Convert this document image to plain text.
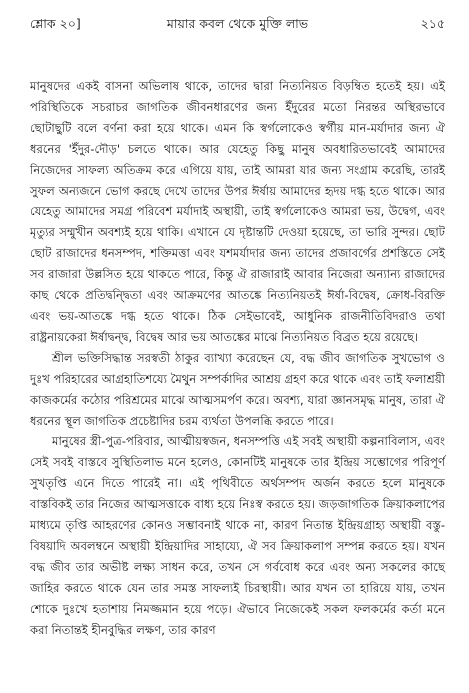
শ্লোক ২০]	মায়ার কবল থেকে মুক্তি লাভ	২১৫

মানুষদের একই বাসনা অভিলাষ থাকে, তাদের দ্বারা নিত্যনিয়ত বিড়ম্বিত হতেই হয়। এই পরিস্থিতিকে সচরাচর জাগতিক জীবনধারণের জন্য ইঁদুরের মতো নিরন্তর অস্থিরভাবে ছোটাছুটি বলে বর্ণনা করা হয়ে থাকে। এমন কি স্বর্গলোকেও স্বর্গীয় মান-মর্যাদার জন্য ঐ ধরনের 'ইঁদুর-দৌড়' চলতে থাকে। আর যেহেতু কিছু মানুষ অবধারিতভাবেই আমাদের নিজেদের সাফল্য অতিক্রম করে এগিয়ে যায়, তাই আমরা যার জন্য সংগ্রাম করেছি, তারই সুফল অন্যজনে ভোগ করছে দেখে তাদের উপর ঈর্ষায় আমাদের হৃদয় দগ্ধ হতে থাকে। আর যেহেতু আমাদের সমগ্র পরিবেশ মর্যাদাই অস্থায়ী, তাই স্বর্গলোকেও আমরা ভয়, উদ্বেগ, এবং মৃত্যুর সম্মুখীন অবশ্যই হয়ে থাকি। এখানে যে দৃষ্টান্তটি দেওয়া হয়েছে, তা ভারি সুন্দর। ছোট ছোট রাজাদের ধনসম্পদ, শক্তিমত্তা এবং যশমর্যাদার জন্য তাদের প্রজাবর্গের প্রশস্তিতে সেই সব রাজারা উল্লসিত হয়ে থাকতে পারে, কিন্তু ঐ রাজারাই আবার নিজেরা অন্যান্য রাজাদের কাছ থেকে প্রতিদ্বন্দ্বিতা এবং আক্রমণের আতঙ্কে নিত্যনিয়তই ঈর্ষা-বিদ্বেষ, ক্রোধ-বিরক্তি এবং ভয়-আতঙ্কে দগ্ধ হতে থাকে। ঠিক সেইভাবেই, আধুনিক রাজনীতিবিদরাও তথা রাষ্ট্রনায়কেরা ঈর্ষাদ্বন্দ্ব, বিদ্বেষ আর ভয় আতঙ্কের মাঝে নিত্যনিয়ত বিব্রত হয়ে রয়েছে।

শ্রীল ভক্তিসিদ্ধান্ত সরস্বতী ঠাকুর ব্যাখ্যা করেছেন যে, বদ্ধ জীব জাগতিক সুখভোগ ও দুঃখ পরিহারের আগ্রহাতিশয্যে মৈথুন সম্পর্কাদির আশ্রয় গ্রহণ করে থাকে এবং তাই ফলাশ্রয়ী কাজকর্মের কঠোর পরিশ্রমের মাঝে আত্মসমর্পণ করে। অবশ্য, যারা জ্ঞানসমৃদ্ধ মানুষ, তারা ঐ ধরনের স্থূল জাগতিক প্রচেষ্টাদির চরম ব্যর্থতা উপলব্ধি করতে পারে।

মানুষের স্ত্রী-পুত্র-পরিবার, আত্মীয়স্বজন, ধনসম্পত্তি এই সবই অস্থায়ী কল্পনাবিলাস, এবং সেই সবই বাস্তবে সুস্থিতিলাভ মনে হলেও, কোনটিই মানুষকে তার ইন্দ্রিয় সম্ভোগের পরিপূর্ণ সুখতৃপ্তি এনে দিতে পারেই না। এই পৃথিবীতে অর্থসম্পদ অর্জন করতে হলে মানুষকে বাস্তবিকই তার নিজের আত্মসত্তাকে বাধ্য হয়ে নিঃস্ব করতে হয়। জড়জাগতিক ক্রিয়াকলাপের মাধ্যমে তৃপ্তি আহরণের কোনও সম্ভাবনাই থাকে না, কারণ নিতান্ত ইন্দ্রিয়গ্রাহ্য অস্থায়ী বস্তু-বিষয়াদি অবলম্বনে অস্থায়ী ইন্দ্রিয়াদির সাহায্যে, ঐ সব ক্রিয়াকলাপ সম্পন্ন করতে হয়। যখন বদ্ধ জীব তার অভীষ্ট লক্ষ্য সাধন করে, তখন সে গর্ববোধ করে এবং অন্য সকলের কাছে জাহির করতে থাকে যেন তার সমস্ত সাফল্যই চিরস্থায়ী। আর যখন তা হারিয়ে যায়, তখন শোকে দুঃখে হতাশায় নিমজ্জমান হয়ে পড়ে। ঐভাবে নিজেকেই সকল ফলকর্মের কর্তা মনে করা নিতান্তই হীনবুদ্ধির লক্ষণ, তার কারণ
